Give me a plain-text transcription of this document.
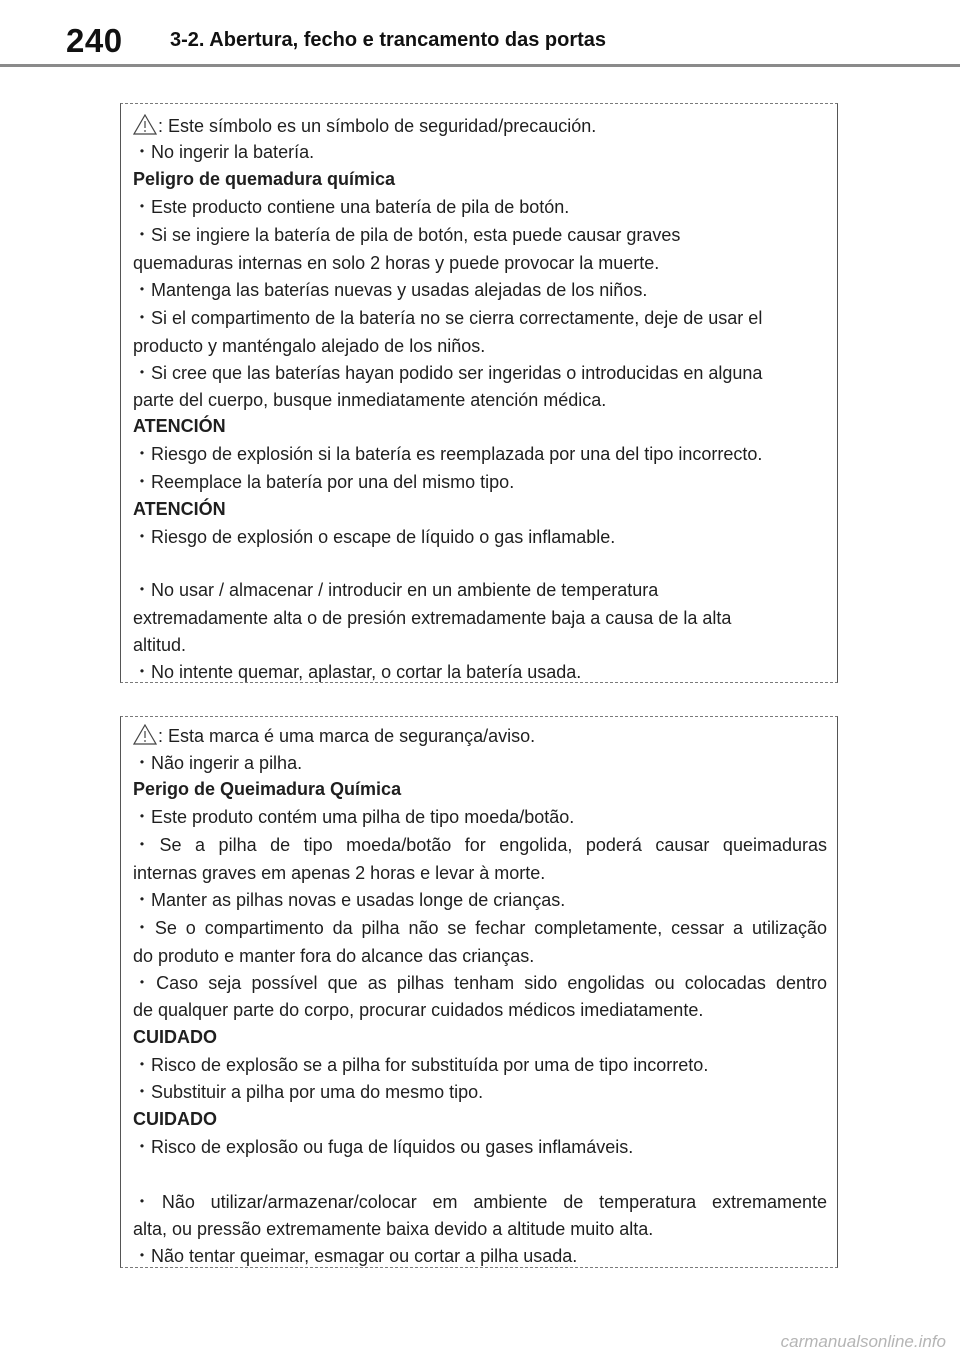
240 3-2. Abertura, fecho e trancamento das portas
: Este símbolo es un símbolo de seguridad/precaución.
・No ingerir la batería.
Peligro de quemadura química
・Este producto contiene una batería de pila de botón.
・Si se ingiere la batería de pila de botón, esta puede causar graves
quemaduras internas en solo 2 horas y puede provocar la muerte.
・Mantenga las baterías nuevas y usadas alejadas de los niños.
・Si el compartimento de la batería no se cierra correctamente, deje de usar el
producto y manténgalo alejado de los niños.
・Si cree que las baterías hayan podido ser ingeridas o introducidas en alguna
parte del cuerpo, busque inmediatamente atención médica.
ATENCIÓN
・Riesgo de explosión si la batería es reemplazada por una del tipo incorrecto.
・Reemplace la batería por una del mismo tipo.
ATENCIÓN
・Riesgo de explosión o escape de líquido o gas inflamable.
・No usar / almacenar / introducir en un ambiente de temperatura
extremadamente alta o de presión extremadamente baja a causa de la alta
altitud.
・No intente quemar, aplastar, o cortar la batería usada.
: Esta marca é uma marca de segurança/aviso.
・Não ingerir a pilha.
Perigo de Queimadura Química
・Este produto contém uma pilha de tipo moeda/botão.
・Se a pilha de tipo moeda/botão for engolida, poderá causar queimaduras
internas graves em apenas 2 horas e levar à morte.
・Manter as pilhas novas e usadas longe de crianças.
・Se o compartimento da pilha não se fechar completamente, cessar a utilização
do produto e manter fora do alcance das crianças.
・Caso seja possível que as pilhas tenham sido engolidas ou colocadas dentro
de qualquer parte do corpo, procurar cuidados médicos imediatamente.
CUIDADO
・Risco de explosão se a pilha for substituída por uma de tipo incorreto.
・Substituir a pilha por uma do mesmo tipo.
CUIDADO
・Risco de explosão ou fuga de líquidos ou gases inflamáveis.
・Não utilizar/armazenar/colocar em ambiente de temperatura extremamente
alta, ou pressão extremamente baixa devido a altitude muito alta.
・Não tentar queimar, esmagar ou cortar a pilha usada.
carmanualsonline.info
